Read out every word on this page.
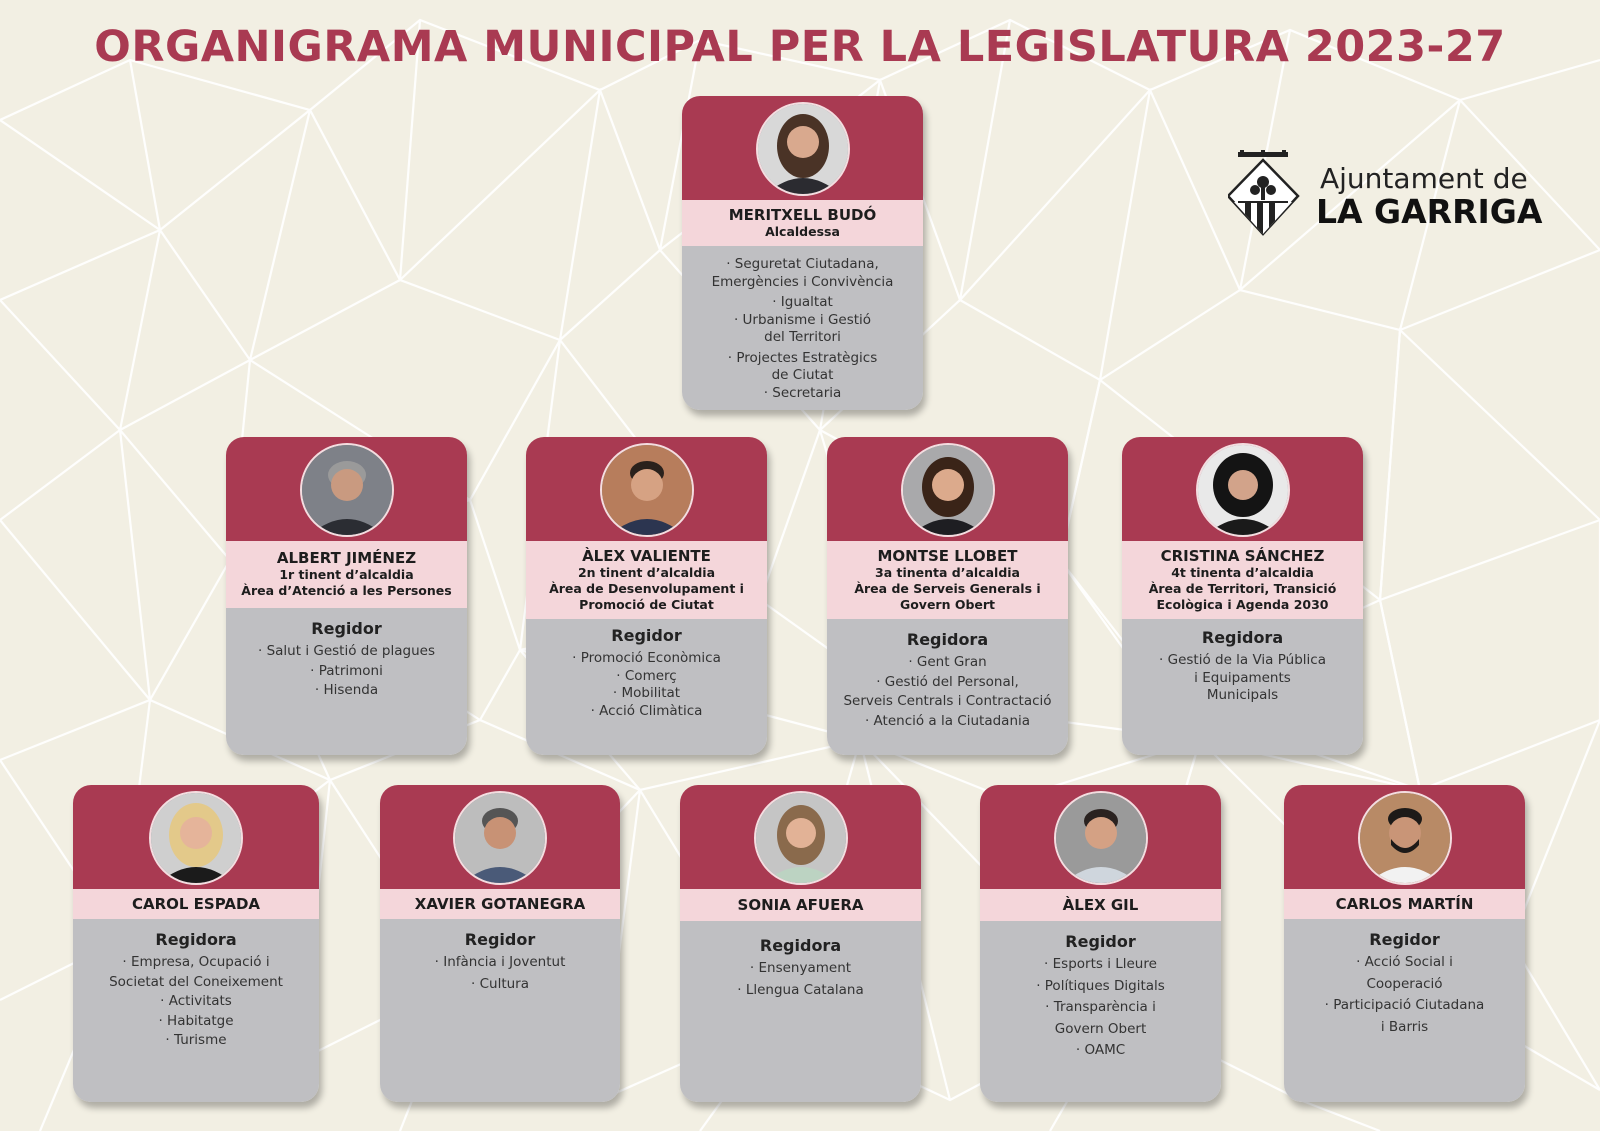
ORGANIGRAMA MUNICIPAL PER LA LEGISLATURA 2023-27
Ajuntament de
LA GARRIGA
MERITXELL BUDÓ
Alcaldessa
· Seguretat Ciutadana,
Emergències i Convivència
· Igualtat
· Urbanisme i Gestió
del Territori
· Projectes Estratègics
de Ciutat
· Secretaria
ALBERT JIMÉNEZ
1r tinent d’alcaldia
Àrea d’Atenció a les Persones
Regidor
· Salut i Gestió de plagues
· Patrimoni
· Hisenda
ÀLEX VALIENTE
2n tinent d’alcaldia
Àrea de Desenvolupament i
Promoció de Ciutat
Regidor
· Promoció Econòmica
· Comerç
· Mobilitat
· Acció Climàtica
MONTSE LLOBET
3a tinenta d’alcaldia
Àrea de Serveis Generals i
Govern Obert
Regidora
· Gent Gran
· Gestió del Personal,
Serveis Centrals i Contractació
· Atenció a la Ciutadania
CRISTINA SÁNCHEZ
4t tinenta d’alcaldia
Àrea de Territori, Transició
Ecològica i Agenda 2030
Regidora
· Gestió de la Via Pública
i Equipaments
Municipals
CAROL ESPADA
Regidora
· Empresa, Ocupació i
Societat del Coneixement
· Activitats
· Habitatge
· Turisme
XAVIER GOTANEGRA
Regidor
· Infància i Joventut
· Cultura
SONIA AFUERA
Regidora
· Ensenyament
· Llengua Catalana
ÀLEX GIL
Regidor
· Esports i Lleure
· Polítiques Digitals
· Transparència i
Govern Obert
· OAMC
CARLOS MARTÍN
Regidor
· Acció Social i
Cooperació
· Participació Ciutadana
i Barris
